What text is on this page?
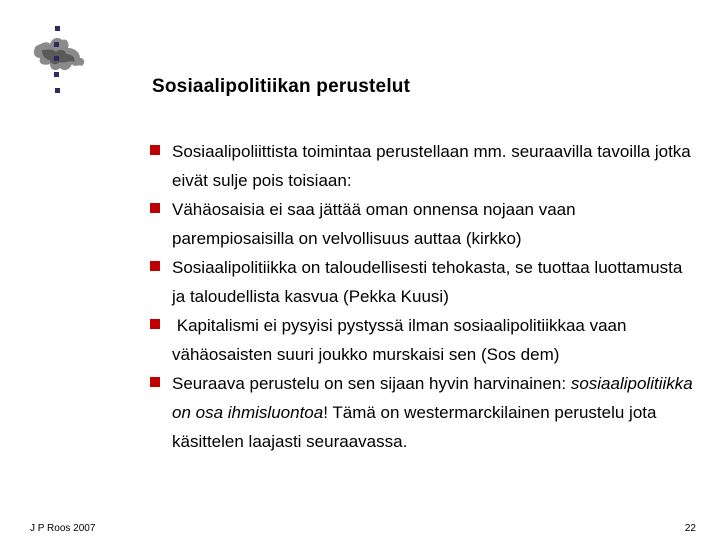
Sosiaalipolitiikan perustelut
Sosiaalipoliittista toimintaa perustellaan mm. seuraavilla tavoilla jotka eivät sulje pois toisiaan:
Vähäosaisia ei saa jättää oman onnensa nojaan vaan parempiosaisilla on velvollisuus auttaa (kirkko)
Sosiaalipolitiikka on taloudellisesti tehokasta, se tuottaa luottamusta ja taloudellista kasvua (Pekka Kuusi)
Kapitalismi ei pysyisi pystyssä ilman sosiaalipolitiikkaa vaan vähäosaisten suuri joukko murskaisi sen (Sos dem)
Seuraava perustelu on sen sijaan hyvin harvinainen: sosiaalipolitiikka on osa ihmisluontoa! Tämä on westermarckilainen perustelu jota käsittelen laajasti seuraavassa.
J P Roos 2007	22
